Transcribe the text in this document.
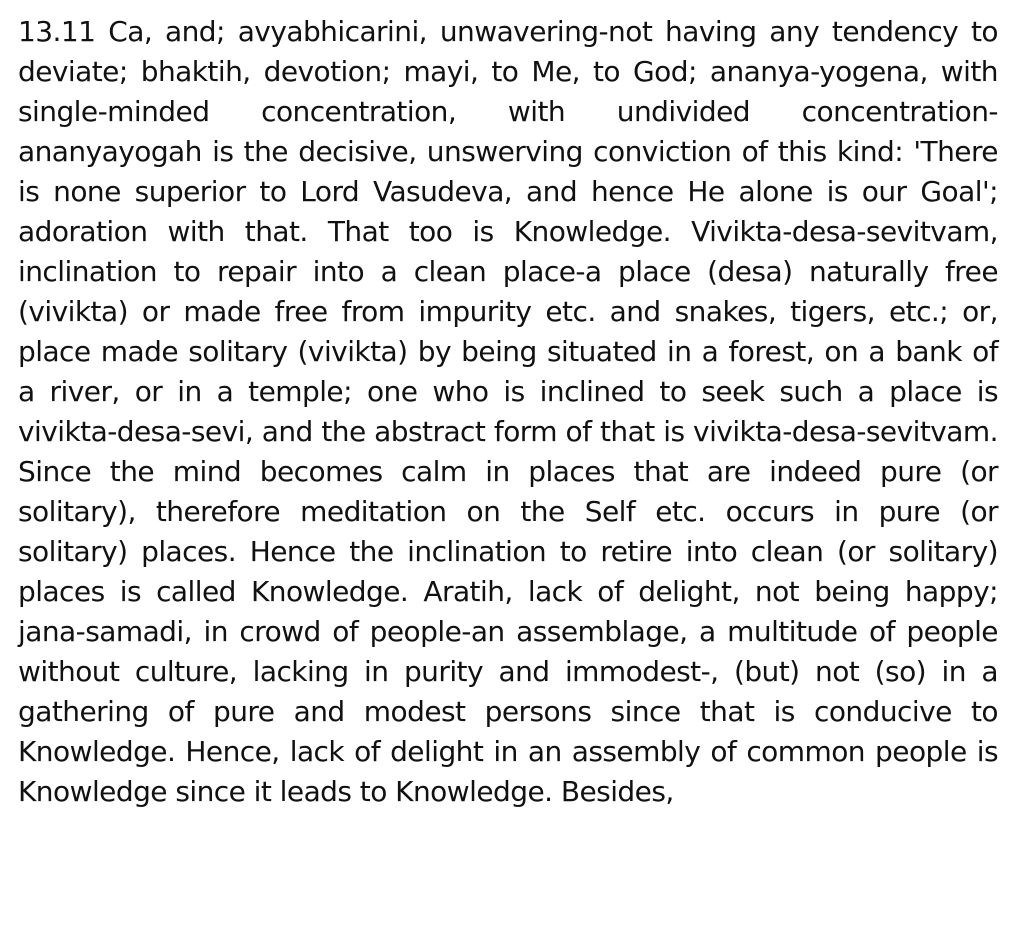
13.11 Ca, and; avyabhicarini, unwavering-not having any tendency to deviate; bhaktih, devotion; mayi, to Me, to God; ananya-yogena, with single-minded concentration, with undivided concentration-ananyayogah is the decisive, unswerving conviction of this kind: 'There is none superior to Lord Vasudeva, and hence He alone is our Goal'; adoration with that. That too is Knowledge. Vivikta-desa-sevitvam, inclination to repair into a clean place-a place (desa) naturally free (vivikta) or made free from impurity etc. and snakes, tigers, etc.; or, place made solitary (vivikta) by being situated in a forest, on a bank of a river, or in a temple; one who is inclined to seek such a place is vivikta-desa-sevi, and the abstract form of that is vivikta-desa-sevitvam. Since the mind becomes calm in places that are indeed pure (or solitary), therefore meditation on the Self etc. occurs in pure (or solitary) places. Hence the inclination to retire into clean (or solitary) places is called Knowledge. Aratih, lack of delight, not being happy; jana-samadi, in crowd of people-an assemblage, a multitude of people without culture, lacking in purity and immodest-, (but) not (so) in a gathering of pure and modest persons since that is conducive to Knowledge. Hence, lack of delight in an assembly of common people is Knowledge since it leads to Knowledge. Besides,
